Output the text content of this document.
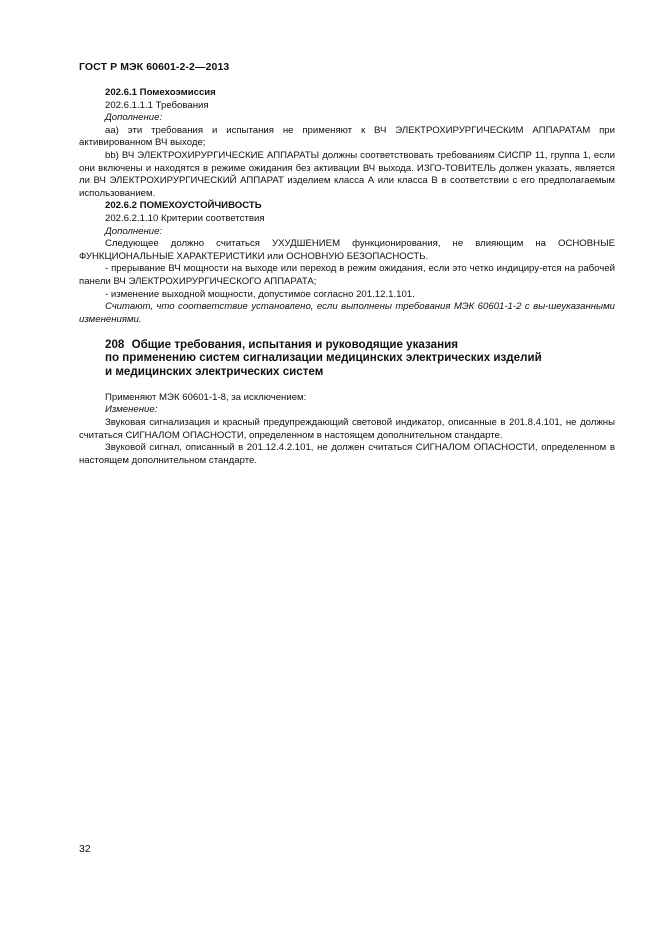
ГОСТ Р МЭК 60601-2-2—2013

202.6.1 Помехоэмиссия

202.6.1.1.1 Требования

Дополнение:

аа) эти требования и испытания не применяют к ВЧ ЭЛЕКТРОХИРУРГИЧЕСКИМ АППАРАТАМ при активированном ВЧ выходе;

bb) ВЧ ЭЛЕКТРОХИРУРГИЧЕСКИЕ АППАРАТЫ должны соответствовать требованиям СИСПР 11, группа 1, если они включены и находятся в режиме ожидания без активации ВЧ выхода. ИЗГО-ТОВИТЕЛЬ должен указать, является ли ВЧ ЭЛЕКТРОХИРУРГИЧЕСКИЙ АППАРАТ изделием класса А или класса В в соответствии с его предполагаемым использованием.

202.6.2 ПОМЕХОУСТОЙЧИВОСТЬ

202.6.2.1.10 Критерии соответствия

Дополнение:

Следующее должно считаться УХУДШЕНИЕМ функционирования, не влияющим на ОСНОВНЫЕ ФУНКЦИОНАЛЬНЫЕ ХАРАКТЕРИСТИКИ или ОСНОВНУЮ БЕЗОПАСНОСТЬ.

- прерывание ВЧ мощности на выходе или переход в режим ожидания, если это четко индициру-ется на рабочей панели ВЧ ЭЛЕКТРОХИРУРГИЧЕСКОГО АППАРАТА;

- изменение выходной мощности, допустимое согласно 201.12.1.101.

Считают, что соответствие установлено, если выполнены требования МЭК 60601-1-2 с вы-шеуказанными изменениями.

208 Общие требования, испытания и руководящие указания
по применению систем сигнализации медицинских электрических изделий
и медицинских электрических систем

Применяют МЭК 60601-1-8, за исключением:

Изменение:

Звуковая сигнализация и красный предупреждающий световой индикатор, описанные в 201.8.4.101, не должны считаться СИГНАЛОМ ОПАСНОСТИ, определенном в настоящем дополнительном стандарте.

Звуковой сигнал, описанный в 201.12.4.2.101, не должен считаться СИГНАЛОМ ОПАСНОСТИ, определенном в настоящем дополнительном стандарте.

32
